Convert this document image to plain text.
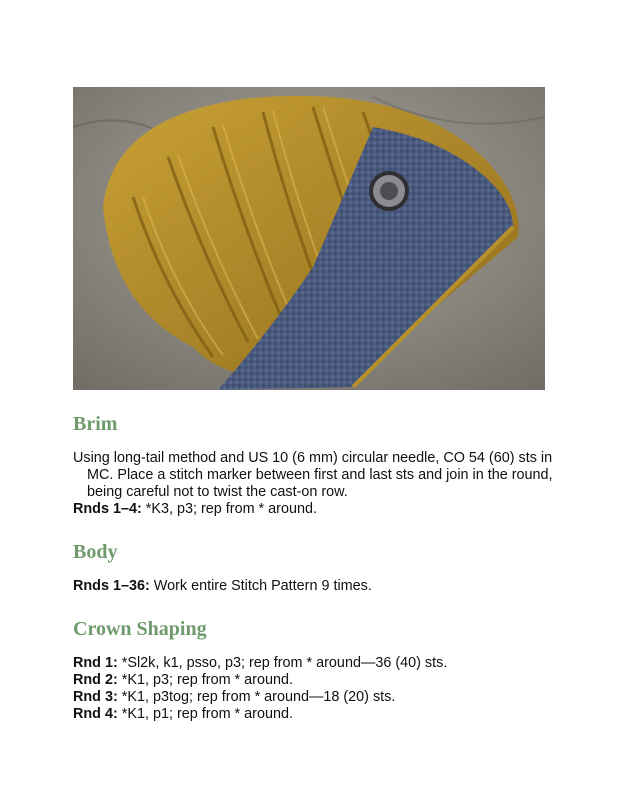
Brim

Using long-tail method and US 10 (6 mm) circular needle, CO 54 (60) sts in MC. Place a stitch marker between first and last sts and join in the round, being careful not to twist the cast-on row.

Rnds 1–4: *K3, p3; rep from * around.

Body

Rnds 1–36: Work entire Stitch Pattern 9 times.

Crown Shaping

Rnd 1: *Sl2k, k1, psso, p3; rep from * around—36 (40) sts.

Rnd 2: *K1, p3; rep from * around.

Rnd 3: *K1, p3tog; rep from * around—18 (20) sts.

Rnd 4: *K1, p1; rep from * around.
